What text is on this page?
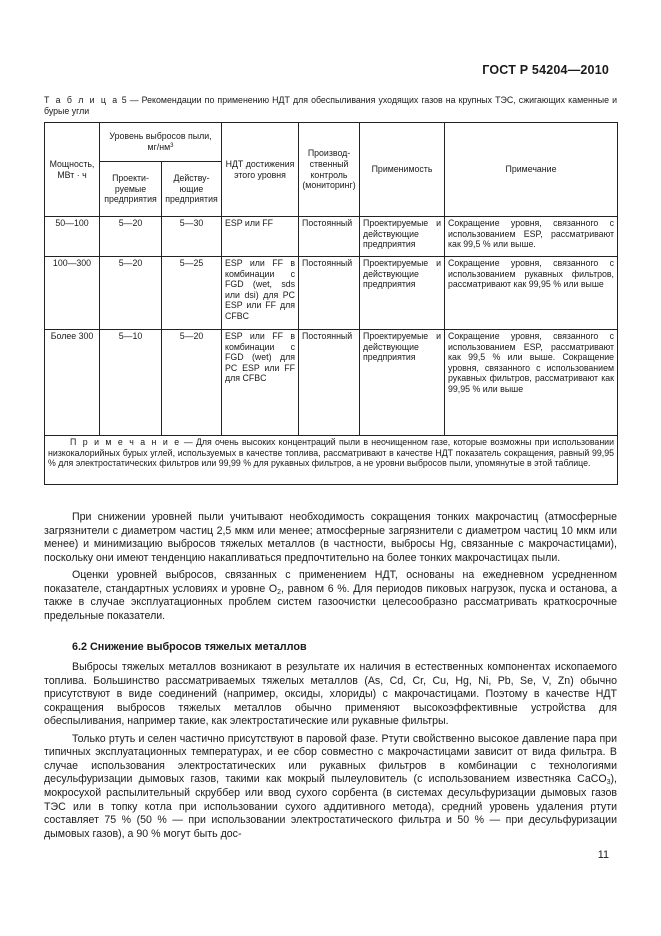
ГОСТ Р 54204—2010
Т а б л и ц а 5 — Рекомендации по применению НДТ для обеспыливания уходящих газов на крупных ТЭС, сжигающих каменные и бурые угли
Мощность, МВт · ч	Уровень выбросов пыли, $мг/нм^3$		НДТ достижения этого уровня	Производственный контроль (мониторинг)	Применимость	Примечание
	Проектируемые предприятия	Действующие предприятия				
50—100	5—20	5—30	ESP или FF	Постоянный	Проектируемые и действующие предприятия	Сокращение уровня, связанного с использованием ESP, рассматривают как 99,5 % или выше.
100—300	5—20	5—25	ESP или FF в комбинации с FGD (wet, sds или dsi) для PC ESP или FF для CFBC	Постоянный	Проектируемые и действующие предприятия	Сокращение уровня, связанного с использованием рукавных фильтров, рассматривают как 99,95 % или выше
Более 300	5—10	5—20	ESP или FF в комбинации с FGD (wet) для PC ESP или FF для CFBC	Постоянный	Проектируемые и действующие предприятия	Сокращение уровня, связанного с использованием ESP, рассматривают как 99,5 % или выше. Сокращение уровня, связанного с использованием рукавных фильтров, рассматривают как 99,95 % или выше
П р и м е ч а н и е — Для очень высоких концентраций пыли в неочищенном газе, которые возможны при использовании низкокалорийных бурых углей, используемых в качестве топлива, рассматривают в качестве НДТ показатель сокращения, равный 99,95 % для электростатических фильтров или 99,99 % для рукавных фильтров, а не уровни выбросов пыли, упомянутые в этой таблице.						

При снижении уровней пыли учитывают необходимость сокращения тонких макрочастиц (атмосферные загрязнители с диаметром частиц 2,5 мкм или менее; атмосферные загрязнители с диаметром частиц 10 мкм или менее) и минимизацию выбросов тяжелых металлов (в частности, выбросы Hg, связанные с макрочастицами), поскольку они имеют тенденцию накапливаться предпочтительно на более тонких макрочастицах пыли.

Оценки уровней выбросов, связанных с применением НДТ, основаны на ежедневном усредненном показателе, стандартных условиях и уровне $O_2$, равном 6 %. Для периодов пиковых нагрузок, пуска и останова, а также в случае эксплуатационных проблем систем газоочистки целесообразно рассматривать краткосрочные предельные показатели.

6.2 Снижение выбросов тяжелых металлов

Выбросы тяжелых металлов возникают в результате их наличия в естественных компонентах ископаемого топлива. Большинство рассматриваемых тяжелых металлов (As, Cd, Cr, Cu, Hg, Ni, Pb, Se, V, Zn) обычно присутствуют в виде соединений (например, оксиды, хлориды) с макрочастицами. Поэтому в качестве НДТ сокращения выбросов тяжелых металлов обычно применяют высокоэффективные устройства для обеспыливания, например такие, как электростатические или рукавные фильтры.

Только ртуть и селен частично присутствуют в паровой фазе. Ртути свойственно высокое давление пара при типичных эксплуатационных температурах, и ее сбор совместно с макрочастицами зависит от вида фильтра. В случае использования электростатических или рукавных фильтров в комбинации с технологиями десульфуризации дымовых газов, такими как мокрый пылеуловитель (с использованием известняка CaCO$_3$), мокросухой распылительный скруббер или ввод сухого сорбента (в системах десульфуризации дымовых газов ТЭС или в топку котла при использовании сухого аддитивного метода), средний уровень удаления ртути составляет 75 % (50 % — при использовании электростатического фильтра и 50 % — при десульфуризации дымовых газов), а 90 % могут быть дос-

11
